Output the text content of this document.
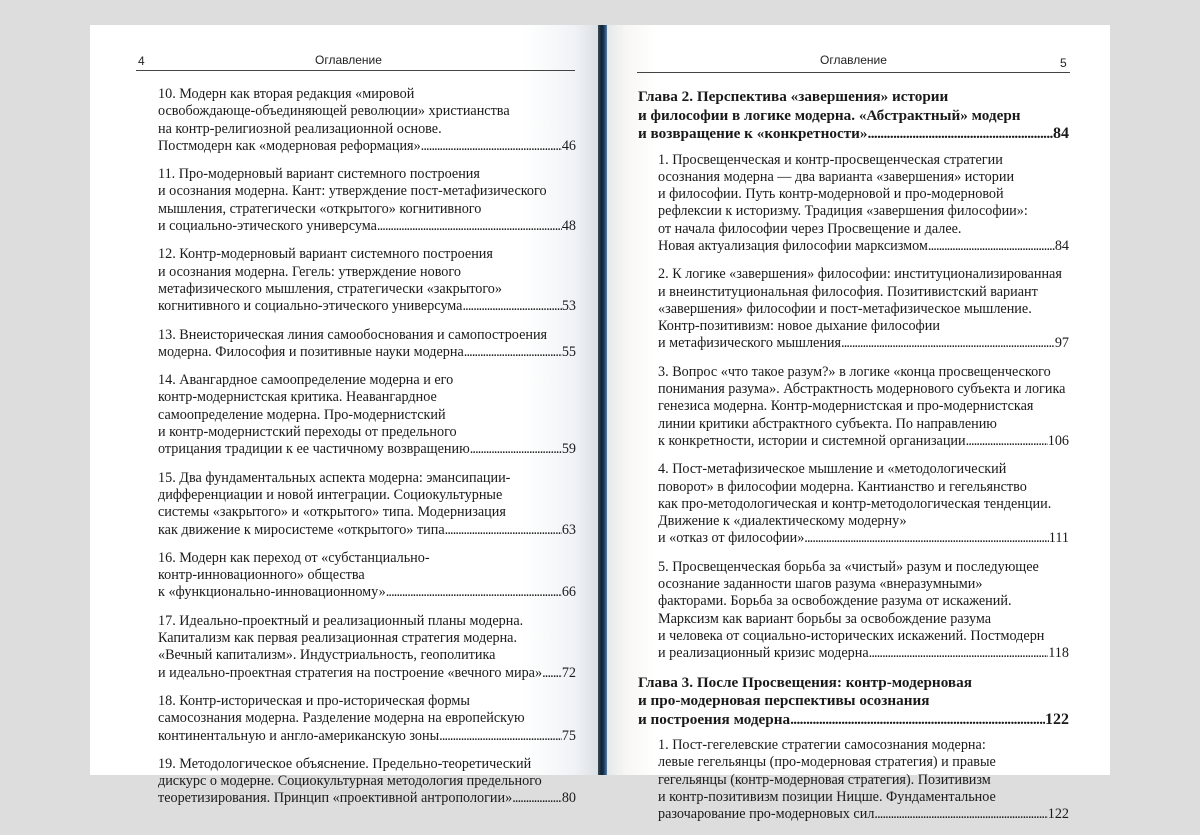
4	Оглавление	Оглавление	5
10. Модерн как вторая редакция «мировой
освобождающе-объединяющей революции» христианства
на контр-религиозной реализационной основе.
Постмодерн как «модерновая реформация» . . .	46
11. Про-модерновый вариант системного построения
и осознания модерна. Кант: утверждение пост-метафизического
мышления, стратегически «открытого» когнитивного
и социально-этического универсума . . .	48
12. Контр-модерновый вариант системного построения
и осознания модерна. Гегель: утверждение нового
метафизического мышления, стратегически «закрытого»
когнитивного и социально-этического универсума . . .	53
13. Внеисторическая линия самообоснования и самопостроения
модерна. Философия и позитивные науки модерна . . .	55
14. Авангардное самоопределение модерна и его
контр-модернистская критика. Неавангардное
самоопределение модерна. Про-модернистский
и контр-модернистский переходы от предельного
отрицания традиции к ее частичному возвращению . . .	59
15. Два фундаментальных аспекта модерна: эмансипации-
дифференциации и новой интеграции. Социокультурные
системы «закрытого» и «открытого» типа. Модернизация
как движение к миросистеме «открытого» типа . . .	63
16. Модерн как переход от «субстанциально-
контр-инновационного» общества
к «функционально-инновационному» . . .	66
17. Идеально-проектный и реализационный планы модерна.
Капитализм как первая реализационная стратегия модерна.
«Вечный капитализм». Индустриальность, геополитика
и идеально-проектная стратегия на построение «вечного мира» . . . 72
18. Контр-историческая и про-историческая формы
самосознания модерна. Разделение модерна на европейскую
континентальную и англо-американскую зоны . . .	75
19. Методологическое объяснение. Предельно-теоретический
дискурс о модерне. Социокультурная методология предельного
теоретизирования. Принцип «проективной антропологии» . . .	80
Глава 2. Перспектива «завершения» истории
и философии в логике модерна. «Абстрактный» модерн
и возвращение к «конкретности» . . .	84
1. Просвещенческая и контр-просвещенческая стратегии
осознания модерна — два варианта «завершения» истории
и философии. Путь контр-модерновой и про-модерновой
рефлексии к историзму. Традиция «завершения философии»:
от начала философии через Просвещение и далее.
Новая актуализация философии марксизмом . . .	84
2. К логике «завершения» философии: институционализированная
и внеинституциональная философия. Позитивистский вариант
«завершения» философии и пост-метафизическое мышление.
Контр-позитивизм: новое дыхание философии
и метафизического мышления . . .	97
3. Вопрос «что такое разум?» в логике «конца просвещенческого
понимания разума». Абстрактность модернового субъекта и логика
генезиса модерна. Контр-модернистская и про-модернистская
линии критики абстрактного субъекта. По направлению
к конкретности, истории и системной организации . . .	106
4. Пост-метафизическое мышление и «методологический
поворот» в философии модерна. Кантианство и гегельянство
как про-методологическая и контр-методологическая тенденции.
Движение к «диалектическому модерну»
и «отказ от философии» . . .	111
5. Просвещенческая борьба за «чистый» разум и последующее
осознание заданности шагов разума «внеразумными»
факторами. Борьба за освобождение разума от искажений.
Марксизм как вариант борьбы за освобождение разума
и человека от социально-исторических искажений. Постмодерн
и реализационный кризис модерна . . .	118
Глава 3. После Просвещения: контр-модерновая
и про-модерновая перспективы осознания
и построения модерна . . .	122
1. Пост-гегелевские стратегии самосознания модерна:
левые гегельянцы (про-модерновая стратегия) и правые
гегельянцы (контр-модерновая стратегия). Позитивизм
и контр-позитивизм позиции Ницше. Фундаментальное
разочарование про-модерновых сил . . .	122
